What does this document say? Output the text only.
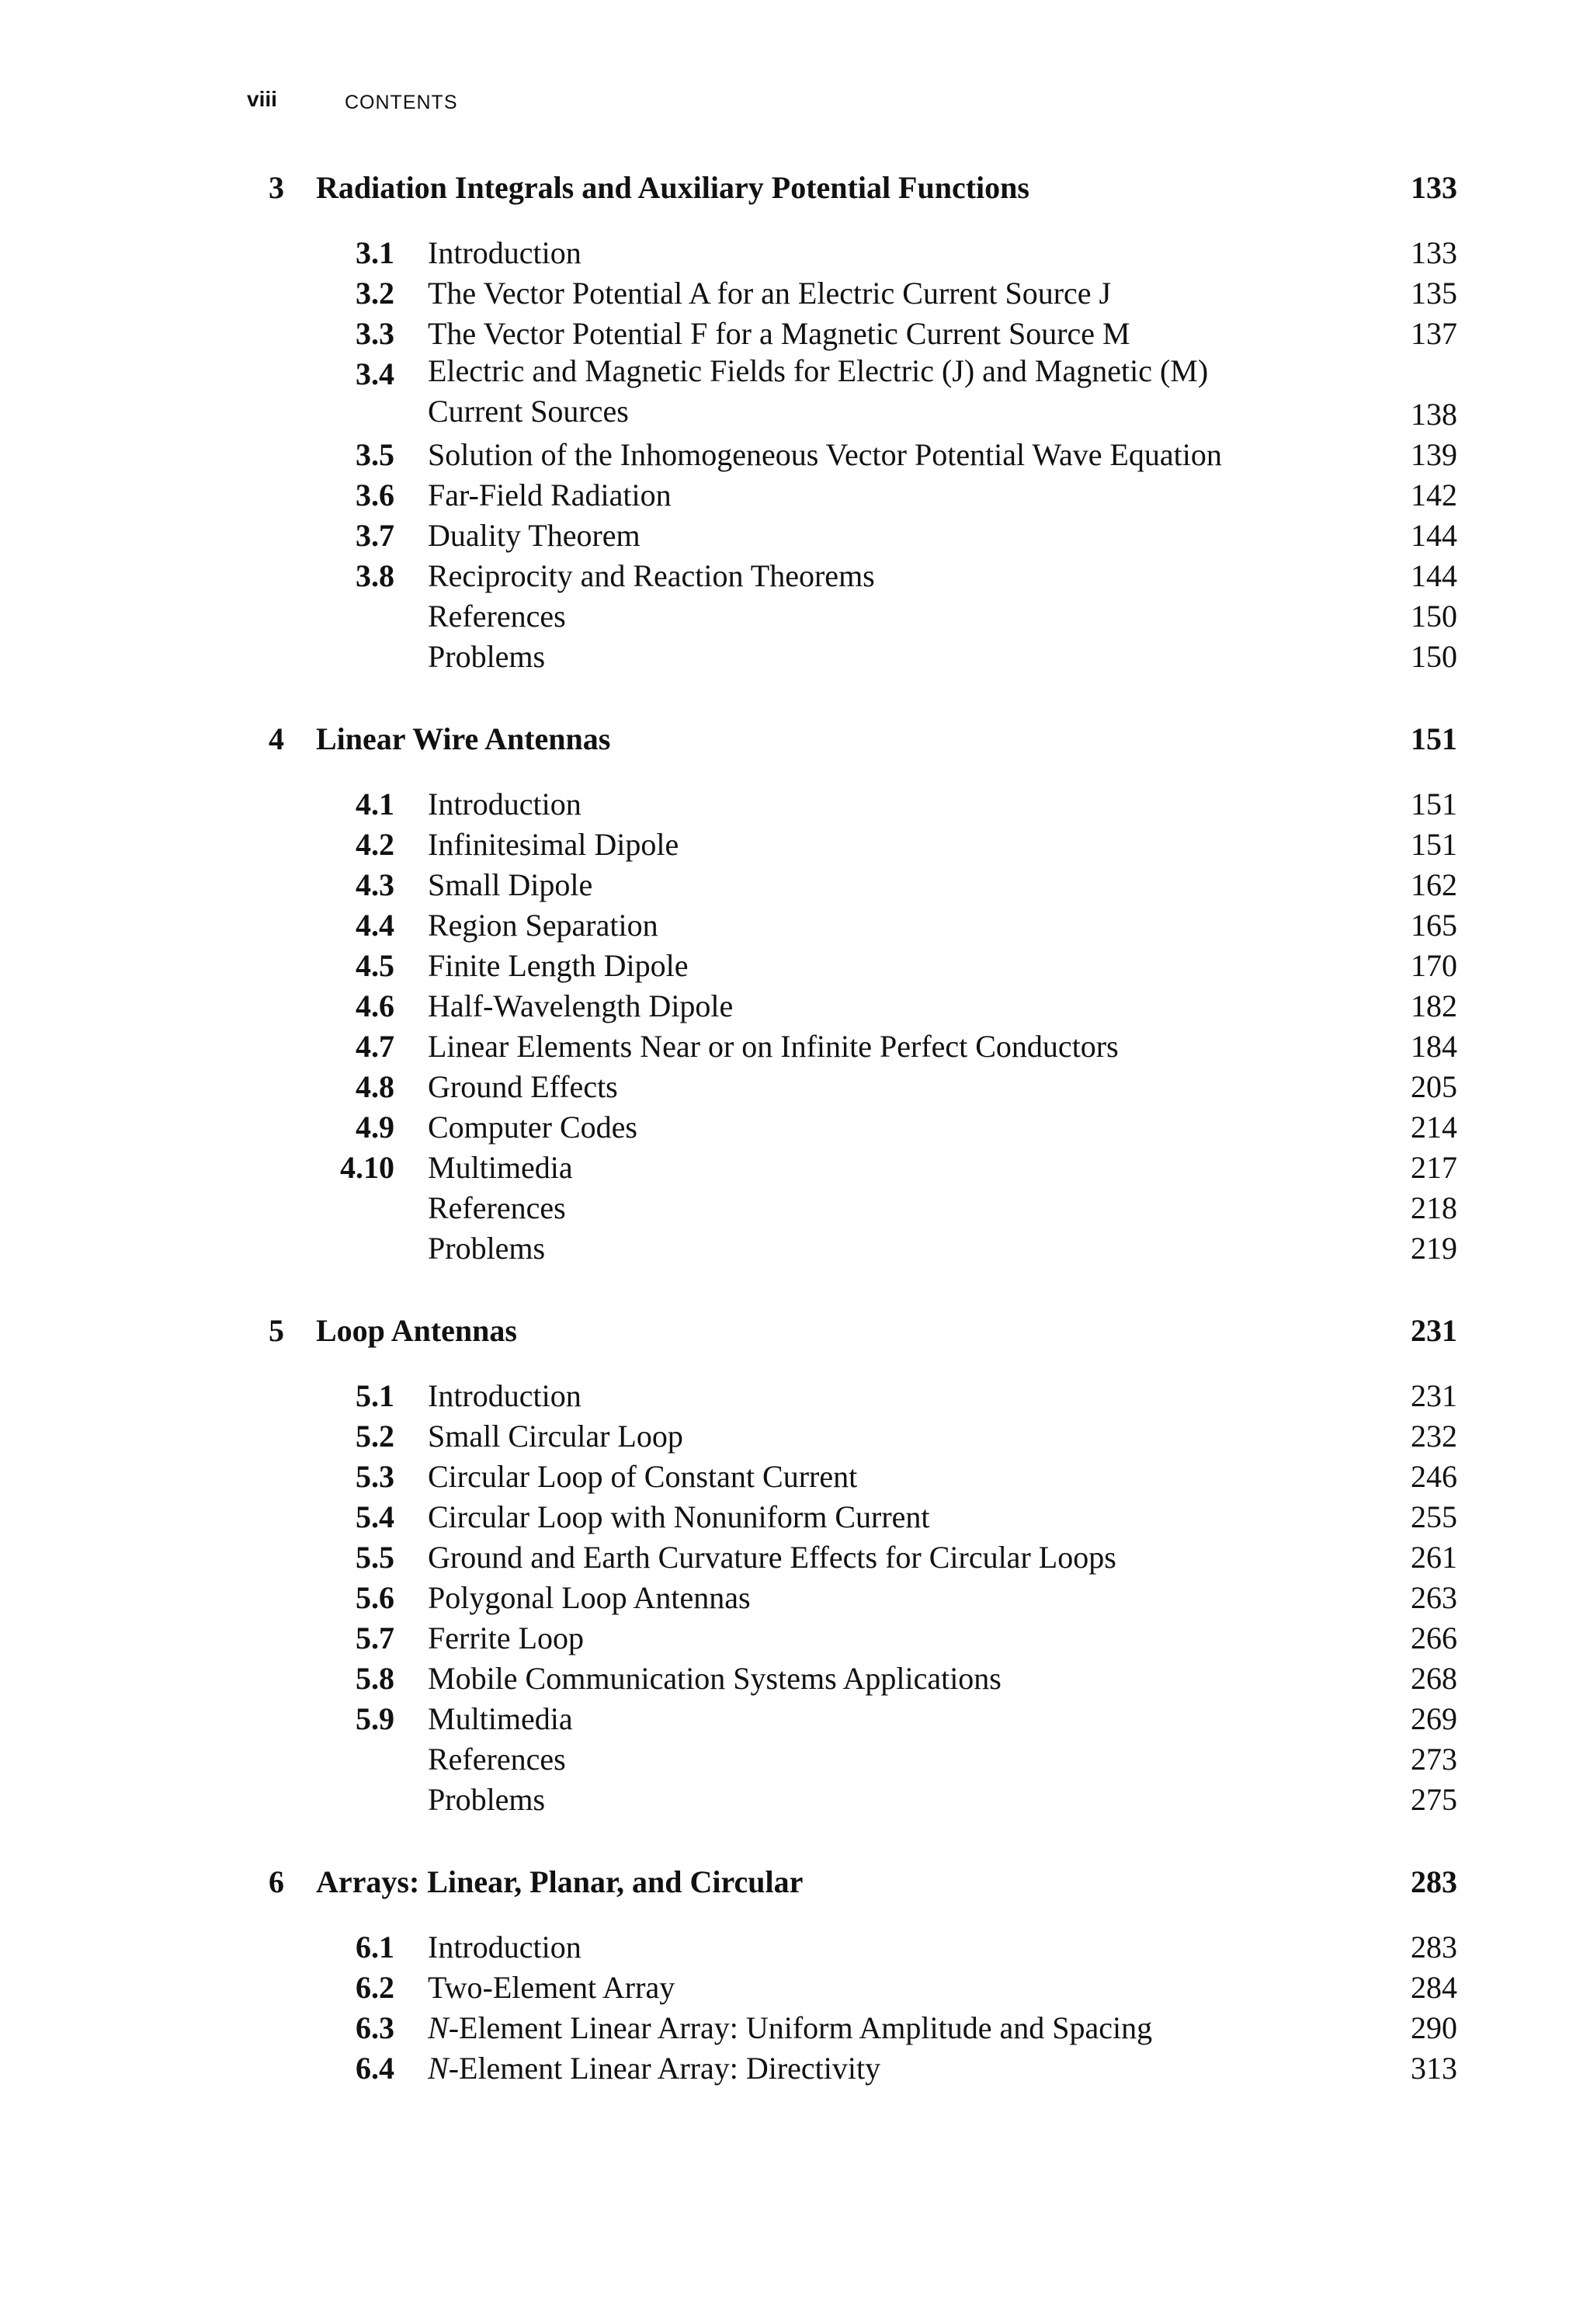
viii	CONTENTS
3 Radiation Integrals and Auxiliary Potential Functions	133
3.1 Introduction	133
3.2 The Vector Potential A for an Electric Current Source J	135
3.3 The Vector Potential F for a Magnetic Current Source M	137
3.4 Electric and Magnetic Fields for Electric (J) and Magnetic (M)
Current Sources	138
3.5 Solution of the Inhomogeneous Vector Potential Wave Equation	139
3.6 Far-Field Radiation	142
3.7 Duality Theorem	144
3.8 Reciprocity and Reaction Theorems	144
References	150
Problems	150
4 Linear Wire Antennas	151
4.1 Introduction	151
4.2 Infinitesimal Dipole	151
4.3 Small Dipole	162
4.4 Region Separation	165
4.5 Finite Length Dipole	170
4.6 Half-Wavelength Dipole	182
4.7 Linear Elements Near or on Infinite Perfect Conductors	184
4.8 Ground Effects	205
4.9 Computer Codes	214
4.10 Multimedia	217
References	218
Problems	219
5 Loop Antennas	231
5.1 Introduction	231
5.2 Small Circular Loop	232
5.3 Circular Loop of Constant Current	246
5.4 Circular Loop with Nonuniform Current	255
5.5 Ground and Earth Curvature Effects for Circular Loops	261
5.6 Polygonal Loop Antennas	263
5.7 Ferrite Loop	266
5.8 Mobile Communication Systems Applications	268
5.9 Multimedia	269
References	273
Problems	275
6 Arrays: Linear, Planar, and Circular	283
6.1 Introduction	283
6.2 Two-Element Array	284
6.3 N-Element Linear Array: Uniform Amplitude and Spacing	290
6.4 N-Element Linear Array: Directivity	313
